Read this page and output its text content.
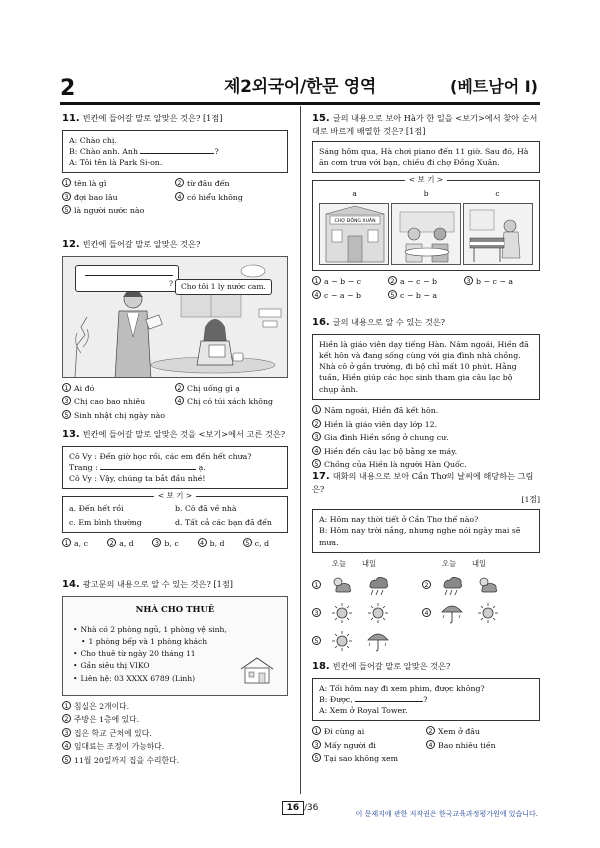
2	제2외국어/한문 영역	(베트남어 I)
11. 빈칸에 들어갈 말로 알맞은 것은? [1점]
A: Chào chị.
B: Chào anh. Anh	?
A: Tôi tên là Park Si-on.
1 tên là gì	2 từ đâu đến
3 đợi bao lâu	4 có hiểu không
5 là người nước nào
12. 빈칸에 들어갈 말로 알맞은 것은?
?	Cho tôi 1 ly nước cam.
1 Ai đó	2 Chị uống gì ạ
3 Chị cao bao nhiêu	4 Chị có túi xách không
5 Sinh nhật chị ngày nào
13. 빈칸에 들어갈 말로 알맞은 것을 <보기>에서 고른 것은?
Cô Vy : Đến giờ học rồi, các em đến hết chưa?
Trang :	ạ.
Cô Vy : Vậy, chúng ta bắt đầu nhé!
< 보 기 >
a. Đến hết rồi	b. Cô đã về nhà
c. Em bình thường	d. Tất cả các bạn đã đến
1 a, c	2 a, d	3 b, c	4 b, d	5 c, d
14. 광고문의 내용으로 알 수 있는 것은? [1점]
NHÀ CHO THUÊ
• Nhà có 2 phòng ngủ, 1 phòng vệ sinh,
• 1 phòng bếp và 1 phòng khách
• Cho thuê từ ngày 20 tháng 11
• Gần siêu thị VIKO
• Liên hệ: 03 XXXX 6789 (Linh)
1 침실은 2개이다.
2 주방은 1층에 있다.
3 집은 학교 근처에 있다.
4 임대료는 조정이 가능하다.
5 11월 20일까지 집을 수리한다.
15. 글의 내용으로 보아 Hà가 한 일을 <보기>에서 찾아 순서대로 바르게 배열한 것은? [1점]
Sáng hôm qua, Hà chơi piano đến 11 giờ. Sau đó, Hà ăn cơm trưa với bạn, chiều đi chợ Đồng Xuân.
< 보 기 >
a	b	c
CHỢ ĐỒNG XUÂN
1 a − b − c	2 a − c − b	3 b − c − a
4 c − a − b	5 c − b − a
16. 글의 내용으로 알 수 있는 것은?
Hiền là giáo viên dạy tiếng Hàn. Năm ngoái, Hiền đã kết hôn và đang sống cùng với gia đình nhà chồng. Nhà cô ở gần trường, đi bộ chỉ mất 10 phút. Hằng tuần, Hiền giúp các học sinh tham gia câu lạc bộ chụp ảnh.
1 Năm ngoái, Hiền đã kết hôn.
2 Hiền là giáo viên dạy lớp 12.
3 Gia đình Hiền sống ở chung cư.
4 Hiền đến câu lạc bộ bằng xe máy.
5 Chồng của Hiền là người Hàn Quốc.
17. 대화의 내용으로 보아 Cần Thơ의 날씨에 해당하는 그림은?
[1점]
A: Hôm nay thời tiết ở Cần Thơ thế nào?
B: Hôm nay trời nắng, nhưng nghe nói ngày mai sẽ mưa.
오늘 내일	오늘 내일
1	2
3	4
5
18. 빈칸에 들어갈 말로 알맞은 것은?
A: Tối hôm nay đi xem phim, được không?
B: Được,	?
A: Xem ở Royal Tower.
1 Đi cùng ai	2 Xem ở đâu
3 Mấy người đi	4 Bao nhiêu tiền
5 Tại sao không xem
16 /36
이 문제지에 관한 저작권은 한국교육과정평가원에 있습니다.
